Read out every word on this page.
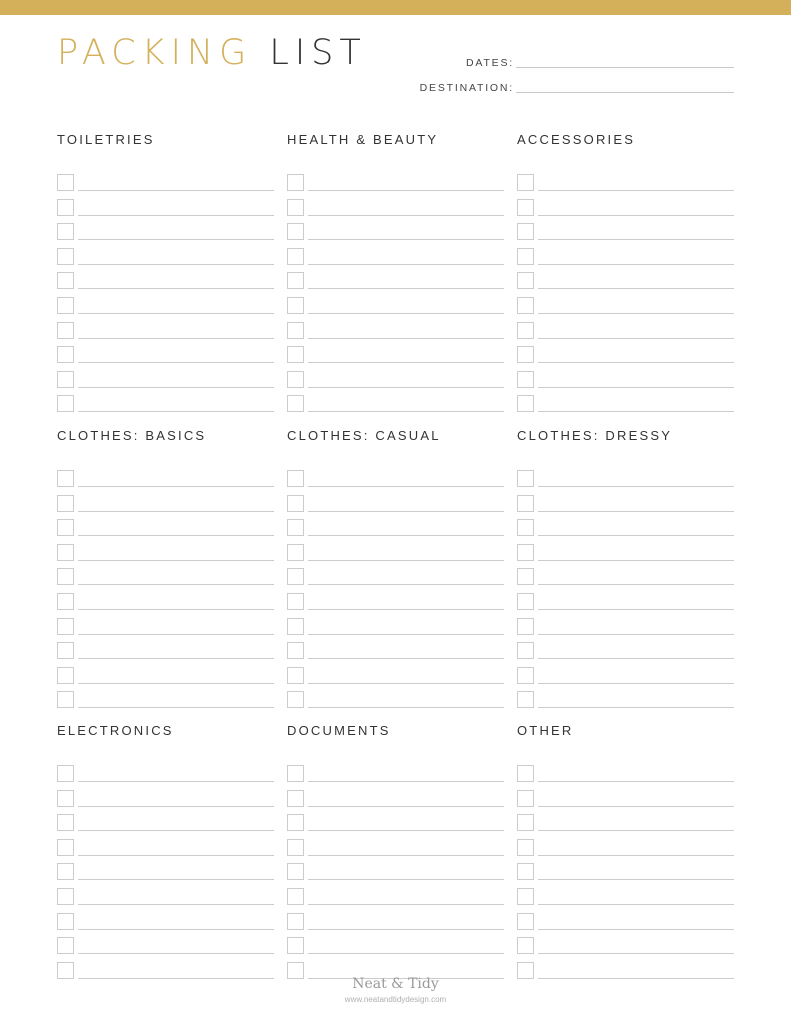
PACKING LIST	DATES:
DESTINATION:
TOILETRIES	HEALTH & BEAUTY	ACCESSORIES
CLOTHES: BASICS	CLOTHES: CASUAL	CLOTHES: DRESSY
ELECTRONICS	DOCUMENTS	OTHER
Neat & Tidy
www.neatandtidydesign.com
